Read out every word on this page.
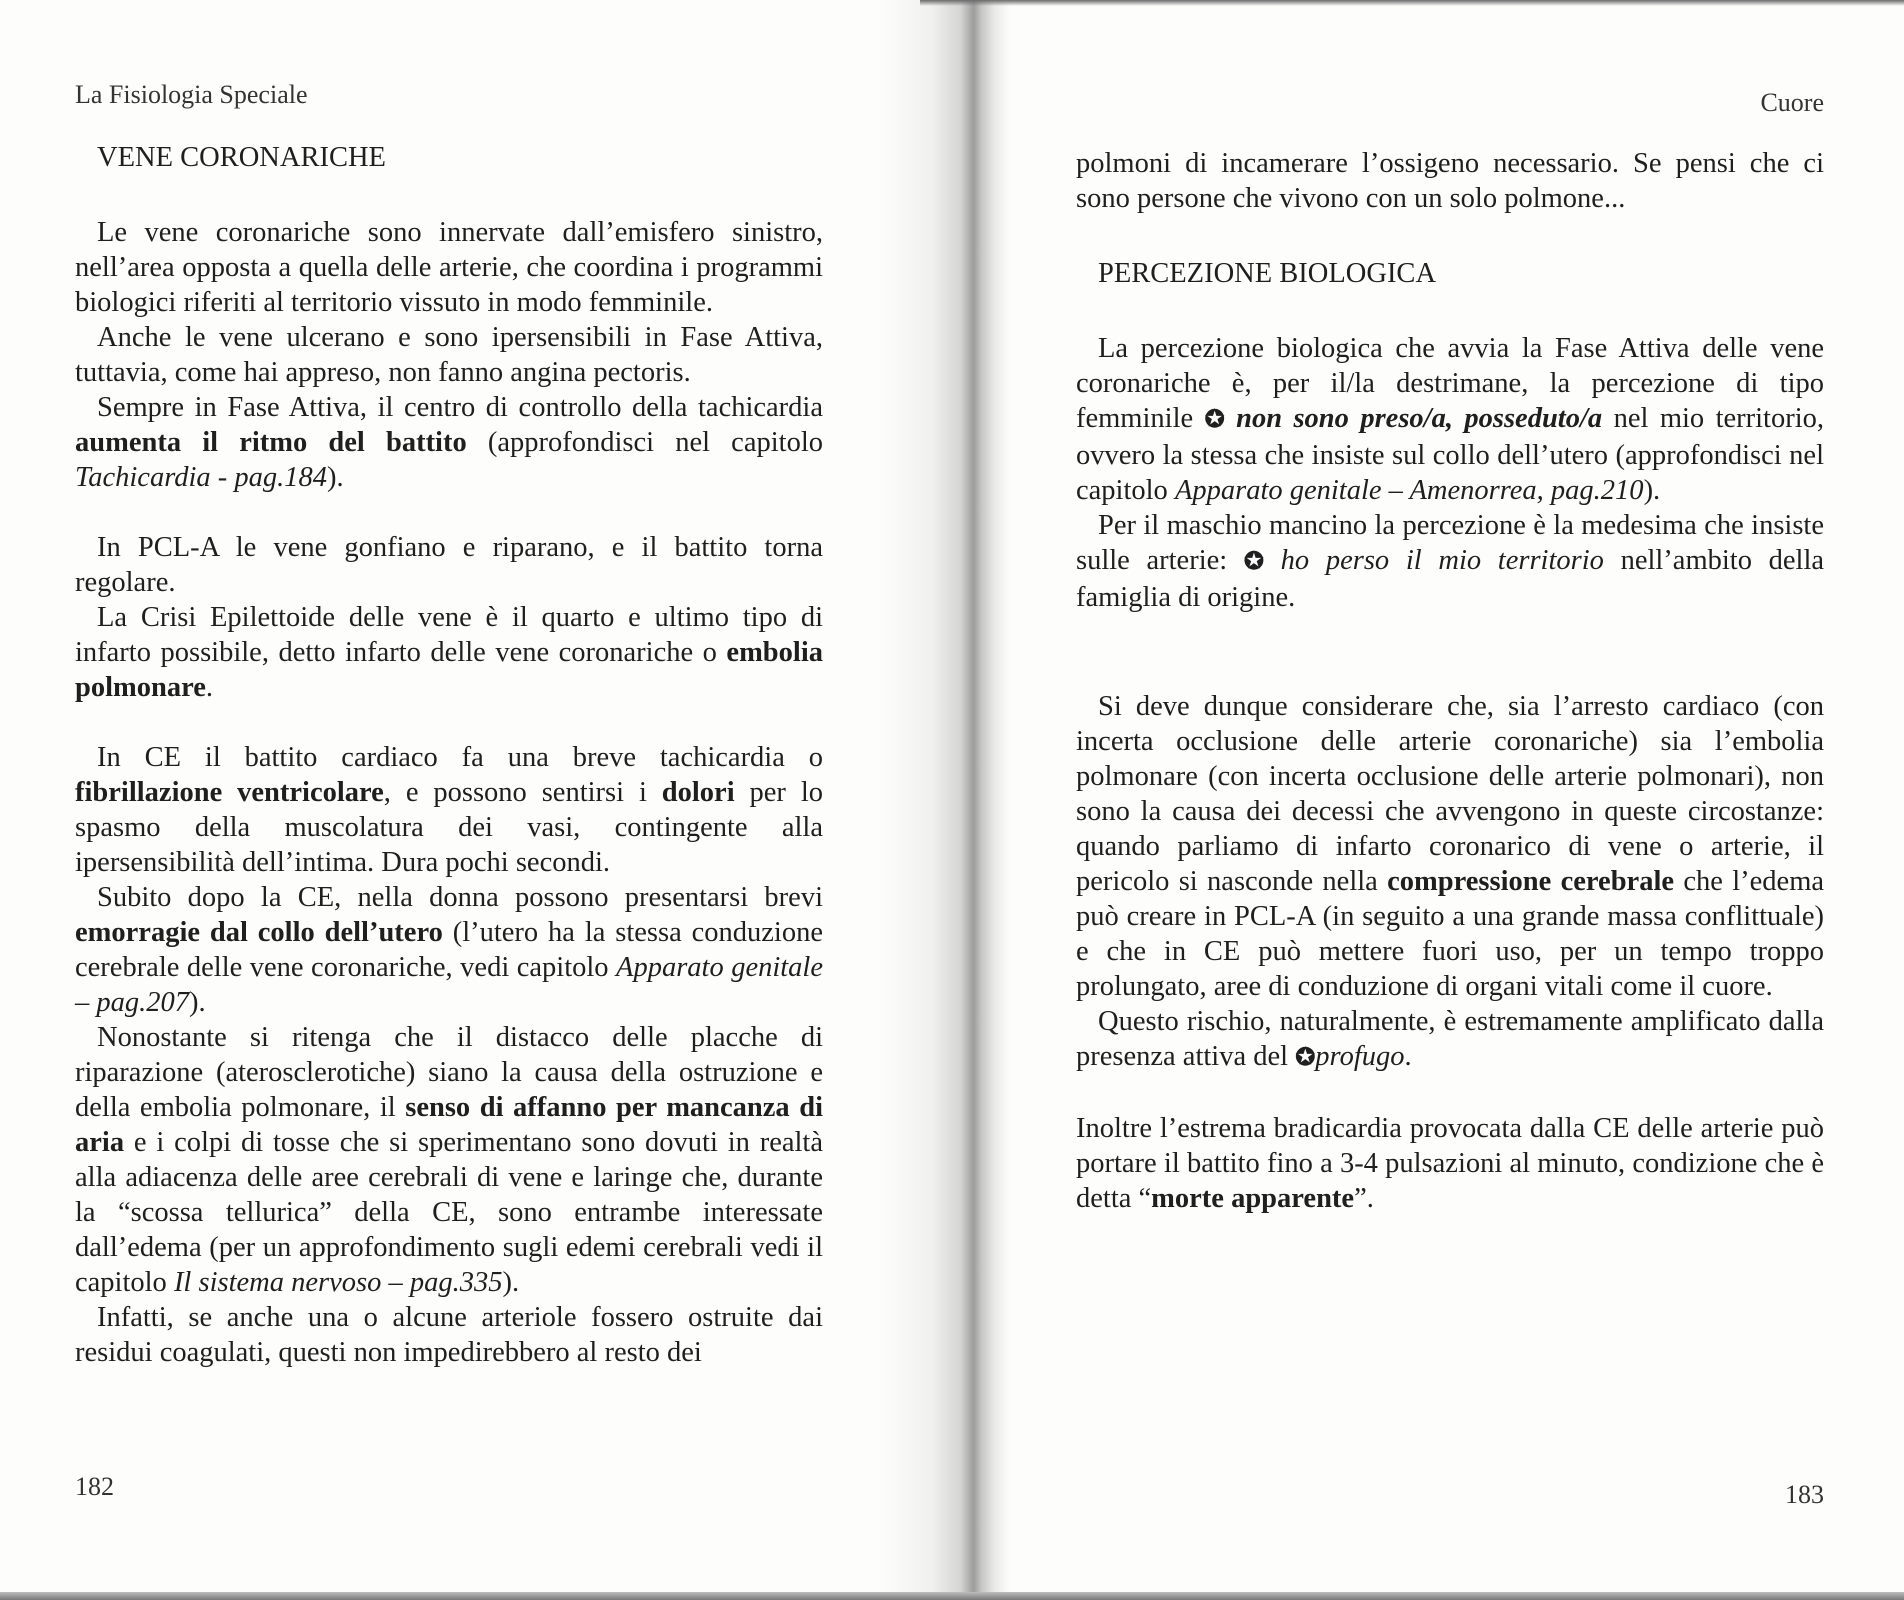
La Fisiologia Speciale
VENE CORONARICHE

Le vene coronariche sono innervate dall’emisfero sinistro, nell’area opposta a quella delle arterie, che coordina i programmi biologici riferiti al territorio vissuto in modo femminile.

Anche le vene ulcerano e sono ipersensibili in Fase Attiva, tuttavia, come hai appreso, non fanno angina pectoris.

Sempre in Fase Attiva, il centro di controllo della tachicardia aumenta il ritmo del battito (approfondisci nel capitolo Tachicardia - pag.184).

In PCL-A le vene gonfiano e riparano, e il battito torna regolare.

La Crisi Epilettoide delle vene è il quarto e ultimo tipo di infarto possibile, detto infarto delle vene coronariche o embolia polmonare.

In CE il battito cardiaco fa una breve tachicardia o fibrillazione ventricolare, e possono sentirsi i dolori per lo spasmo della muscolatura dei vasi, contingente alla ipersensibilità dell’intima. Dura pochi secondi.

Subito dopo la CE, nella donna possono presentarsi brevi emorragie dal collo dell’utero (l’utero ha la stessa conduzione cerebrale delle vene coronariche, vedi capitolo Apparato genitale – pag.207).

Nonostante si ritenga che il distacco delle placche di riparazione (aterosclerotiche) siano la causa della ostruzione e della embolia polmonare, il senso di affanno per mancanza di aria e i colpi di tosse che si sperimentano sono dovuti in realtà alla adiacenza delle aree cerebrali di vene e laringe che, durante la “scossa tellurica” della CE, sono entrambe interessate dall’edema (per un approfondimento sugli edemi cerebrali vedi il capitolo Il sistema nervoso – pag.335).

Infatti, se anche una o alcune arteriole fossero ostruite dai residui coagulati, questi non impedirebbero al resto dei

182
Cuore
183

polmoni di incamerare l’ossigeno necessario. Se pensi che ci sono persone che vivono con un solo polmone...

PERCEZIONE BIOLOGICA

La percezione biologica che avvia la Fase Attiva delle vene coronariche è, per il/la destrimane, la percezione di tipo femminile ✪ non sono preso/a, posseduto/a nel mio territorio, ovvero la stessa che insiste sul collo dell’utero (approfondisci nel capitolo Apparato genitale – Amenorrea, pag.210).

Per il maschio mancino la percezione è la medesima che insiste sulle arterie: ✪ ho perso il mio territorio nell’ambito della famiglia di origine.

Si deve dunque considerare che, sia l’arresto cardiaco (con incerta occlusione delle arterie coronariche) sia l’embolia polmonare (con incerta occlusione delle arterie polmonari), non sono la causa dei decessi che avvengono in queste circostanze: quando parliamo di infarto coronarico di vene o arterie, il pericolo si nasconde nella compressione cerebrale che l’edema può creare in PCL-A (in seguito a una grande massa conflittuale) e che in CE può mettere fuori uso, per un tempo troppo prolungato, aree di conduzione di organi vitali come il cuore.

Questo rischio, naturalmente, è estremamente amplificato dalla presenza attiva del ✪profugo.

Inoltre l’estrema bradicardia provocata dalla CE delle arterie può portare il battito fino a 3-4 pulsazioni al minuto, condizione che è detta “morte apparente”.
